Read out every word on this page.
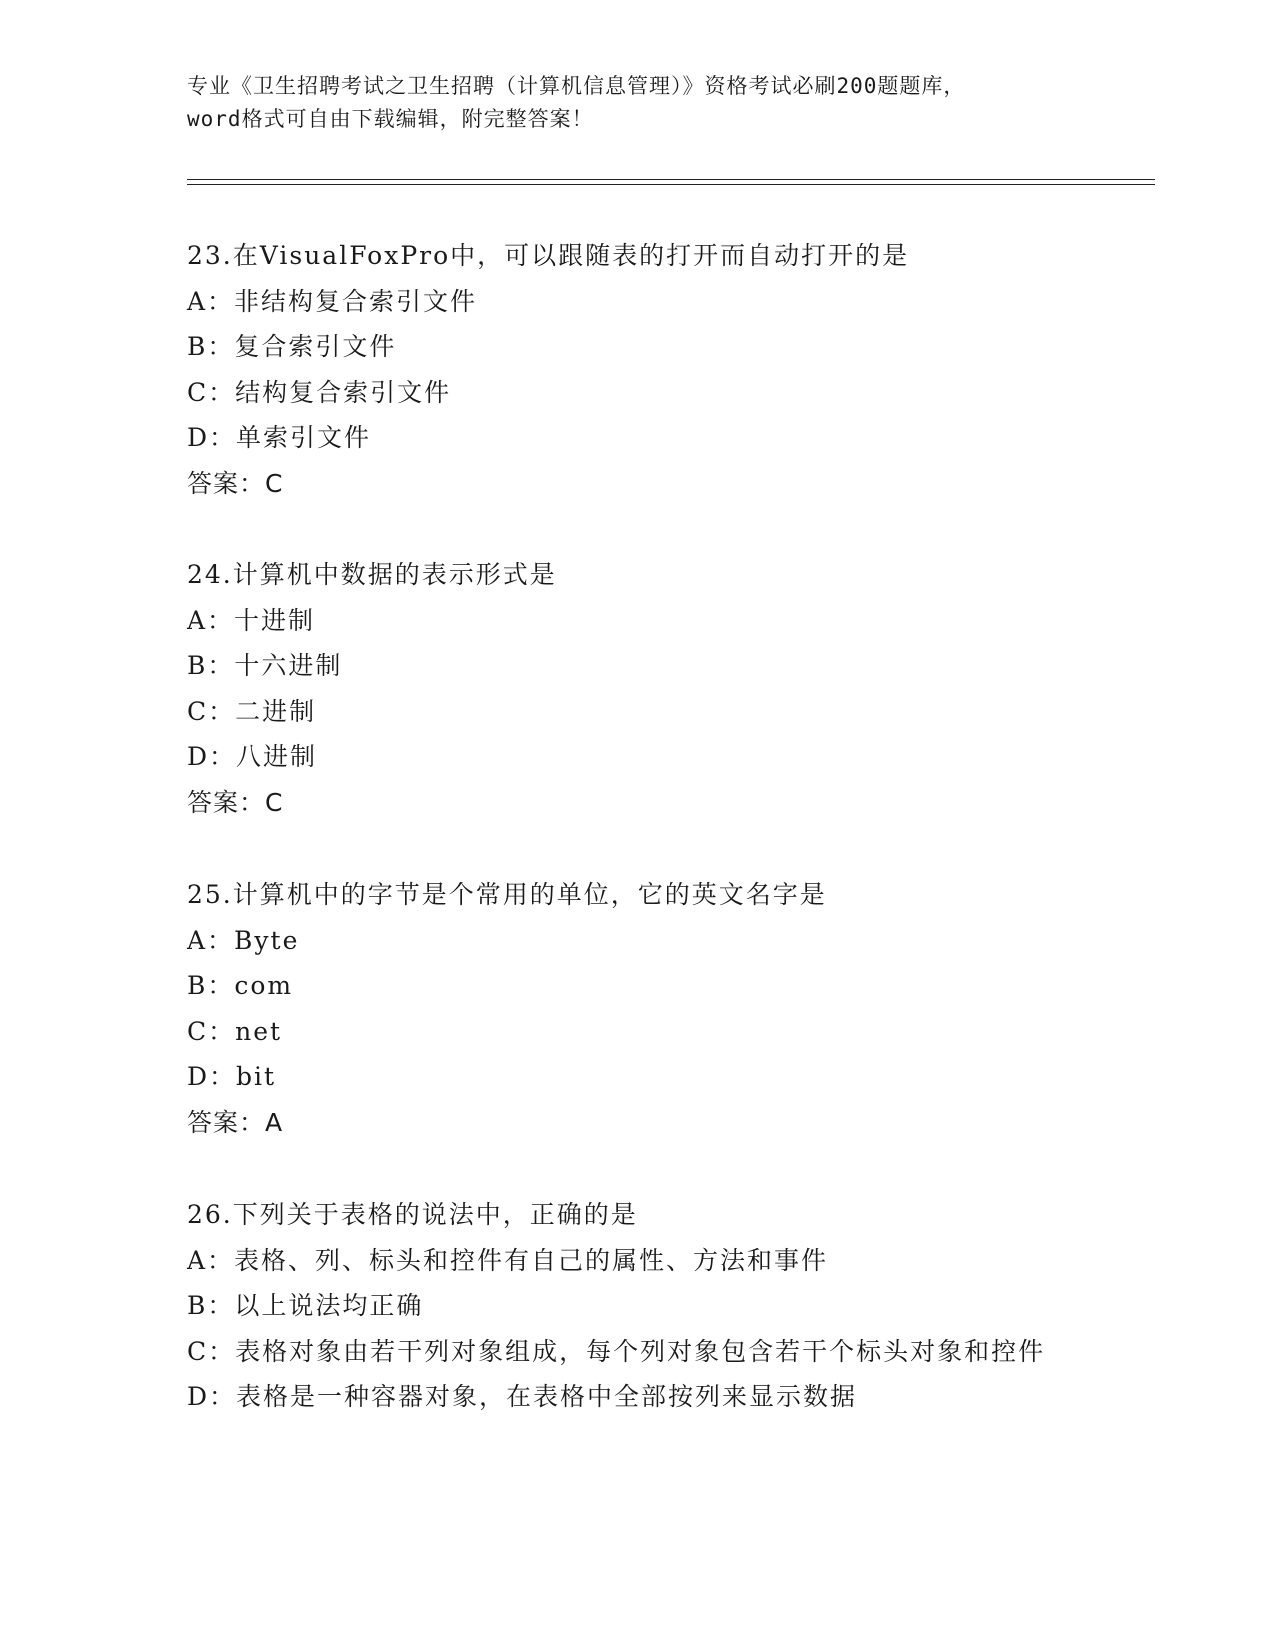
专业《卫生招聘考试之卫生招聘（计算机信息管理）》资格考试必刷200题题库，
word格式可自由下载编辑，附完整答案！
23.在VisualFoxPro中，可以跟随表的打开而自动打开的是
A：非结构复合索引文件
B：复合索引文件
C：结构复合索引文件
D：单索引文件
答案：C
24.计算机中数据的表示形式是
A：十进制
B：十六进制
C：二进制
D：八进制
答案：C
25.计算机中的字节是个常用的单位，它的英文名字是
A：Byte
B：com
C：net
D：bit
答案：A
26.下列关于表格的说法中，正确的是
A：表格、列、标头和控件有自己的属性、方法和事件
B：以上说法均正确
C：表格对象由若干列对象组成，每个列对象包含若干个标头对象和控件
D：表格是一种容器对象，在表格中全部按列来显示数据
